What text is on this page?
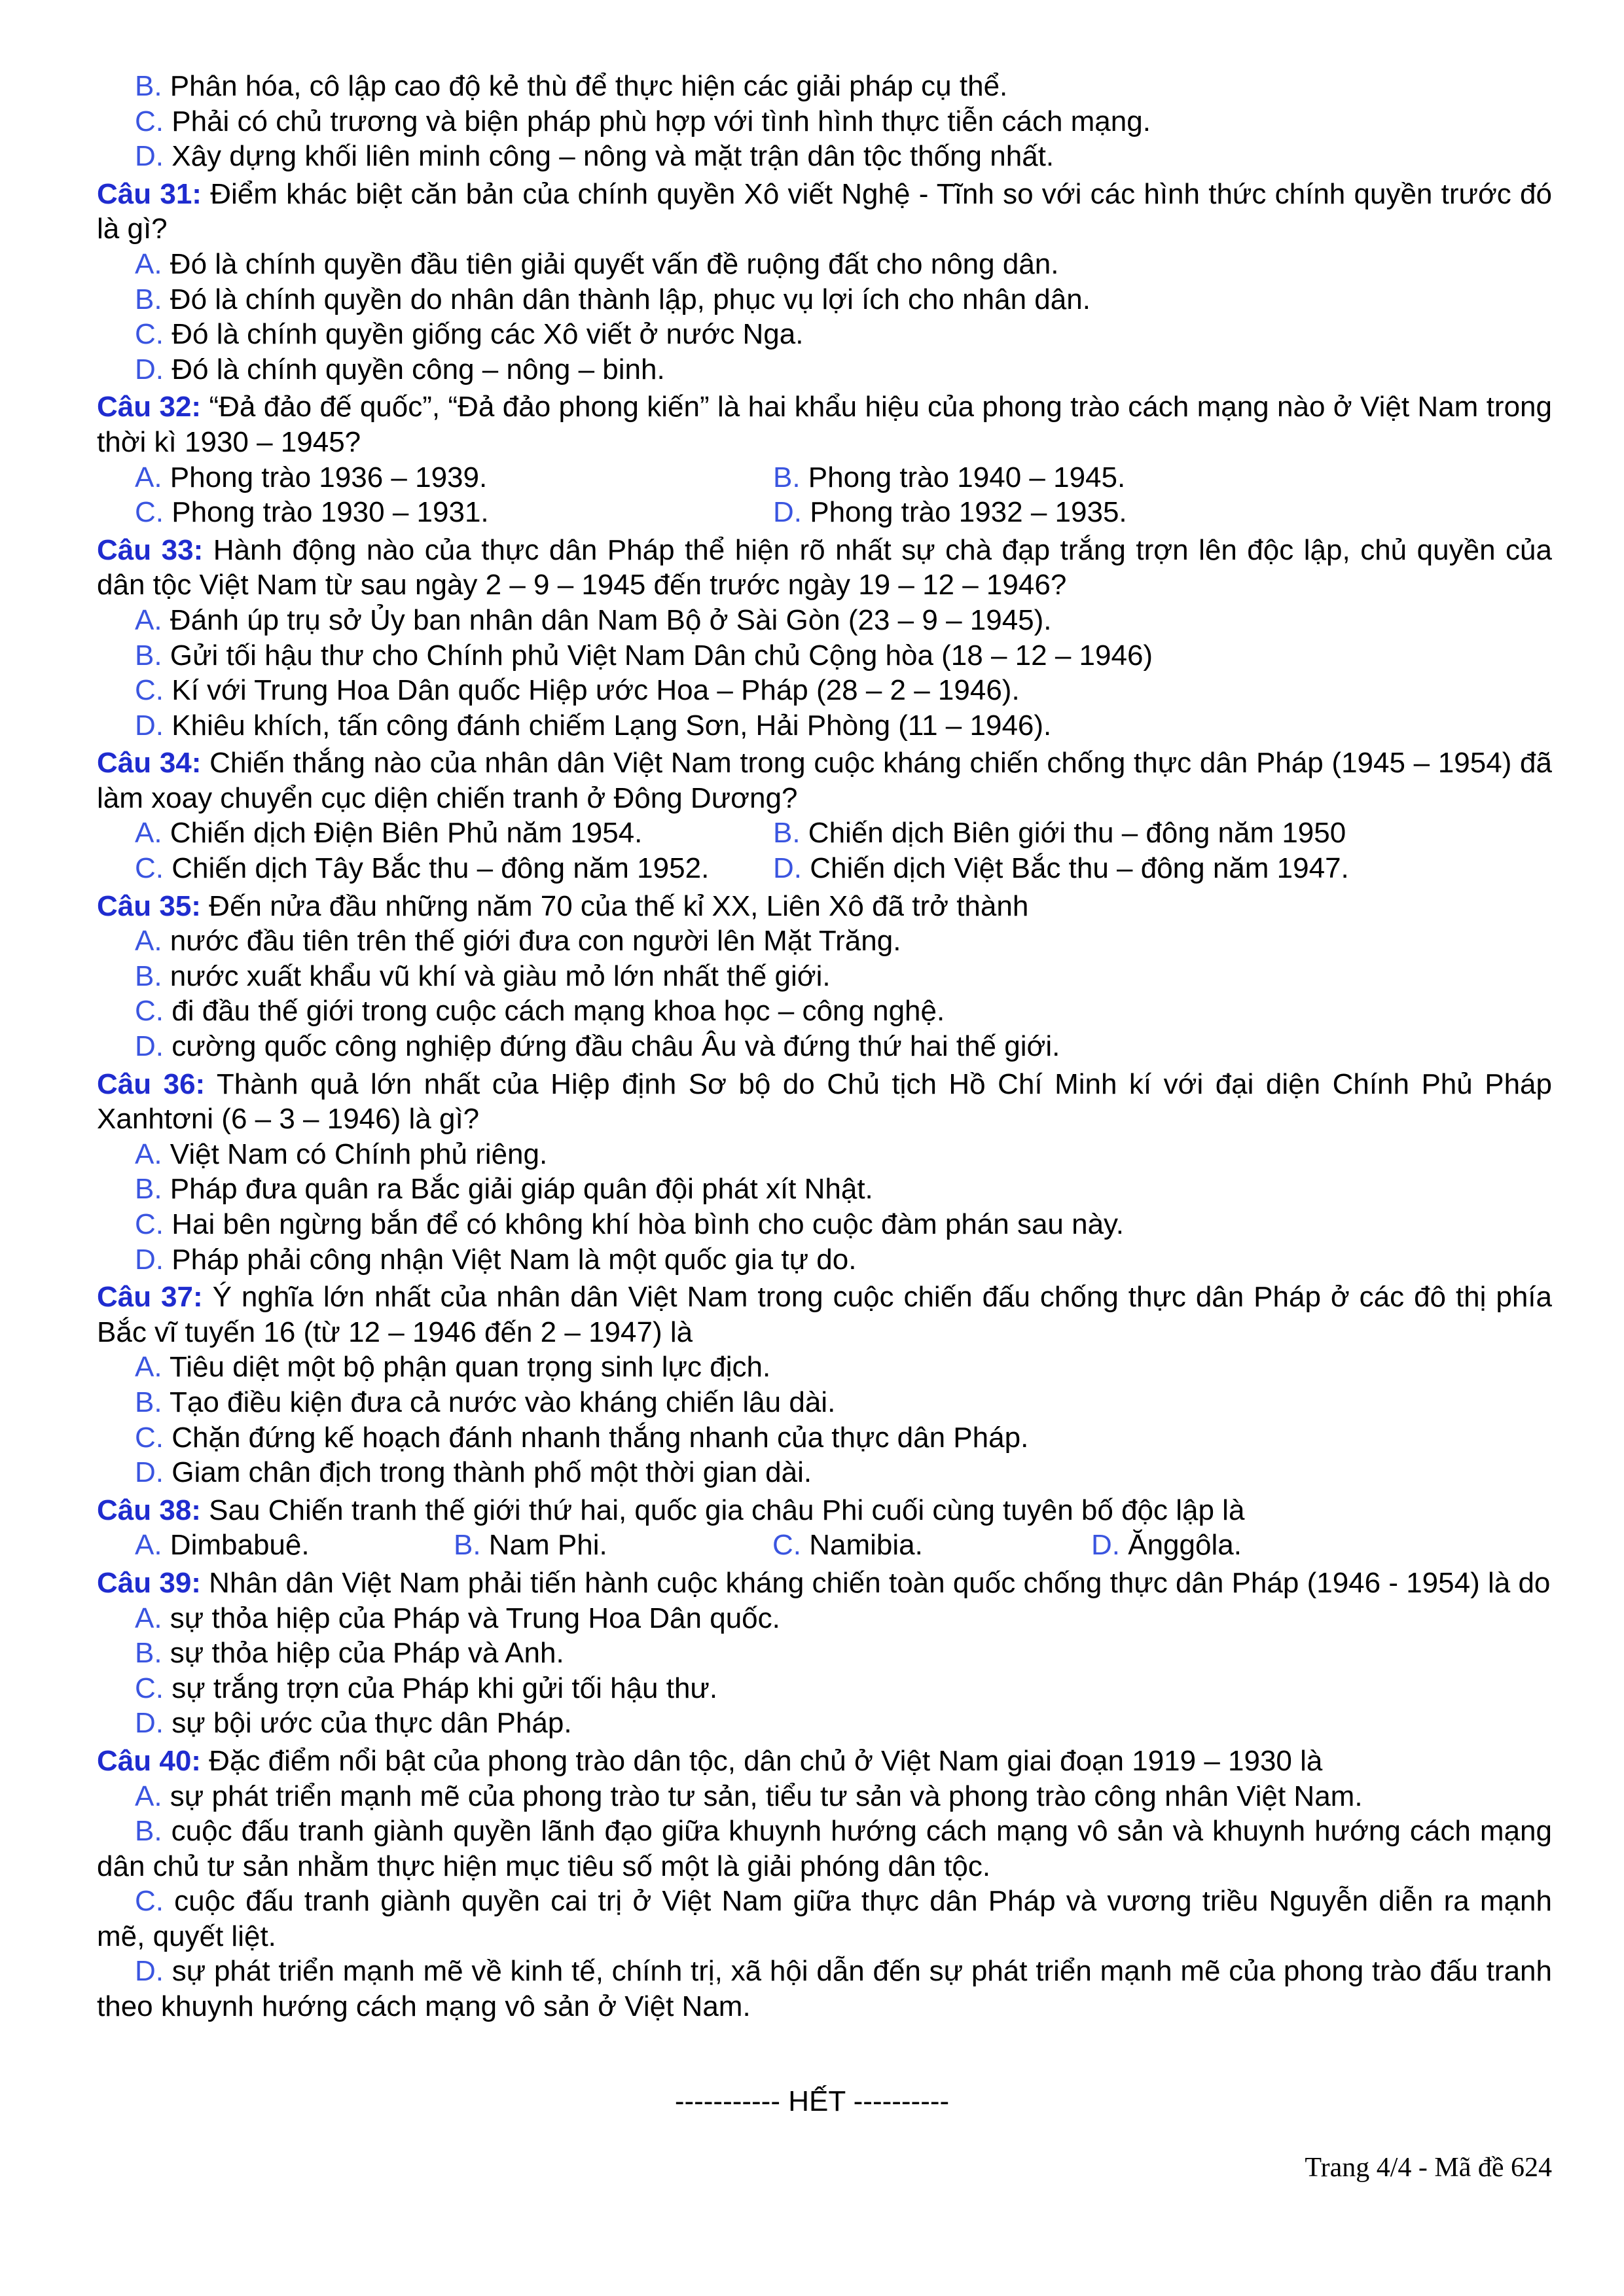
B. Phân hóa, cô lập cao độ kẻ thù để thực hiện các giải pháp cụ thể.
C. Phải có chủ trương và biện pháp phù hợp với tình hình thực tiễn cách mạng.
D. Xây dựng khối liên minh công – nông và mặt trận dân tộc thống nhất.
Câu 31: Điểm khác biệt căn bản của chính quyền Xô viết Nghệ - Tĩnh so với các hình thức chính quyền trước đó là gì?
A. Đó là chính quyền đầu tiên giải quyết vấn đề ruộng đất cho nông dân.
B. Đó là chính quyền do nhân dân thành lập, phục vụ lợi ích cho nhân dân.
C. Đó là chính quyền giống các Xô viết ở nước Nga.
D. Đó là chính quyền công – nông – binh.
Câu 32: “Đả đảo đế quốc”, “Đả đảo phong kiến” là hai khẩu hiệu của phong trào cách mạng nào ở Việt Nam trong thời kì 1930 – 1945?
A. Phong trào 1936 – 1939.	B. Phong trào 1940 – 1945.
C. Phong trào 1930 – 1931.	D. Phong trào 1932 – 1935.
Câu 33: Hành động nào của thực dân Pháp thể hiện rõ nhất sự chà đạp trắng trợn lên độc lập, chủ quyền của dân tộc Việt Nam từ sau ngày 2 – 9 – 1945 đến trước ngày 19 – 12 – 1946?
A. Đánh úp trụ sở Ủy ban nhân dân Nam Bộ ở Sài Gòn (23 – 9 – 1945).
B. Gửi tối hậu thư cho Chính phủ Việt Nam Dân chủ Cộng hòa (18 – 12 – 1946)
C. Kí với Trung Hoa Dân quốc Hiệp ước Hoa – Pháp (28 – 2 – 1946).
D. Khiêu khích, tấn công đánh chiếm Lạng Sơn, Hải Phòng (11 – 1946).
Câu 34: Chiến thắng nào của nhân dân Việt Nam trong cuộc kháng chiến chống thực dân Pháp (1945 – 1954) đã làm xoay chuyển cục diện chiến tranh ở Đông Dương?
A. Chiến dịch Điện Biên Phủ năm 1954.	B. Chiến dịch Biên giới thu – đông năm 1950
C. Chiến dịch Tây Bắc thu – đông năm 1952.	D. Chiến dịch Việt Bắc thu – đông năm 1947.
Câu 35: Đến nửa đầu những năm 70 của thế kỉ XX, Liên Xô đã trở thành
A. nước đầu tiên trên thế giới đưa con người lên Mặt Trăng.
B. nước xuất khẩu vũ khí và giàu mỏ lớn nhất thế giới.
C. đi đầu thế giới trong cuộc cách mạng khoa học – công nghệ.
D. cường quốc công nghiệp đứng đầu châu Âu và đứng thứ hai thế giới.
Câu 36: Thành quả lớn nhất của Hiệp định Sơ bộ do Chủ tịch Hồ Chí Minh kí với đại diện Chính Phủ Pháp Xanhtơni (6 – 3 – 1946) là gì?
A. Việt Nam có Chính phủ riêng.
B. Pháp đưa quân ra Bắc giải giáp quân đội phát xít Nhật.
C. Hai bên ngừng bắn để có không khí hòa bình cho cuộc đàm phán sau này.
D. Pháp phải công nhận Việt Nam là một quốc gia tự do.
Câu 37: Ý nghĩa lớn nhất của nhân dân Việt Nam trong cuộc chiến đấu chống thực dân Pháp ở các đô thị phía Bắc vĩ tuyến 16 (từ 12 – 1946 đến 2 – 1947) là
A. Tiêu diệt một bộ phận quan trọng sinh lực địch.
B. Tạo điều kiện đưa cả nước vào kháng chiến lâu dài.
C. Chặn đứng kế hoạch đánh nhanh thắng nhanh của thực dân Pháp.
D. Giam chân địch trong thành phố một thời gian dài.
Câu 38: Sau Chiến tranh thế giới thứ hai, quốc gia châu Phi cuối cùng tuyên bố độc lập là
A. Dimbabuê.	B. Nam Phi.	C. Namibia.	D. Ănggôla.
Câu 39: Nhân dân Việt Nam phải tiến hành cuộc kháng chiến toàn quốc chống thực dân Pháp (1946 - 1954) là do
A. sự thỏa hiệp của Pháp và Trung Hoa Dân quốc.
B. sự thỏa hiệp của Pháp và Anh.
C. sự trắng trợn của Pháp khi gửi tối hậu thư.
D. sự bội ước của thực dân Pháp.
Câu 40: Đặc điểm nổi bật của phong trào dân tộc, dân chủ ở Việt Nam giai đoạn 1919 – 1930 là
A. sự phát triển mạnh mẽ của phong trào tư sản, tiểu tư sản và phong trào công nhân Việt Nam.
B. cuộc đấu tranh giành quyền lãnh đạo giữa khuynh hướng cách mạng vô sản và khuynh hướng cách mạng dân chủ tư sản nhằm thực hiện mục tiêu số một là giải phóng dân tộc.
C. cuộc đấu tranh giành quyền cai trị ở Việt Nam giữa thực dân Pháp và vương triều Nguyễn diễn ra mạnh mẽ, quyết liệt.
D. sự phát triển mạnh mẽ về kinh tế, chính trị, xã hội dẫn đến sự phát triển mạnh mẽ của phong trào đấu tranh theo khuynh hướng cách mạng vô sản ở Việt Nam.
----------- HẾT ----------
Trang 4/4 - Mã đề 624
